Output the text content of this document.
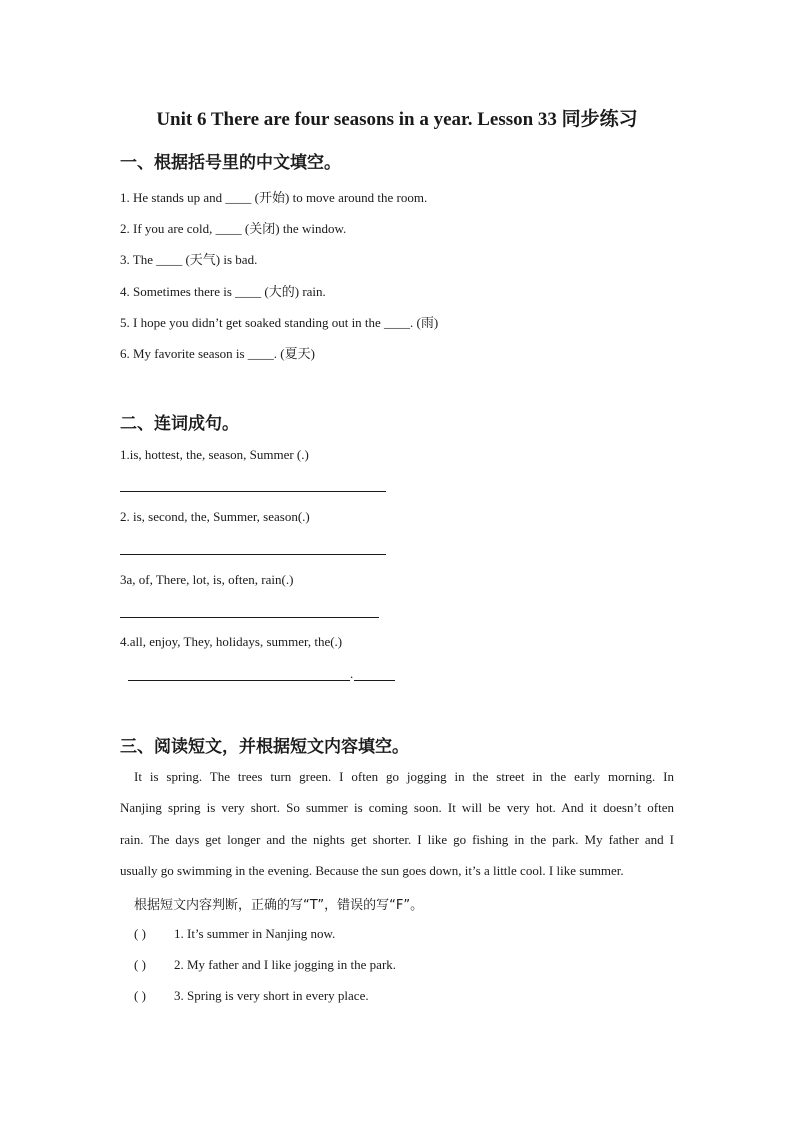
Unit 6 There are four seasons in a year. Lesson 33 同步练习
一、根据括号里的中文填空。

1. He stands up and ____ (开始) to move around the room.

2. If you are cold, ____ (关闭) the window.

3. The ____ (天气) is bad.

4. Sometimes there is ____ (大的) rain.

5. I hope you didn’t get soaked standing out in the ____. (雨)

6. My favorite season is ____. (夏天)

二、连词成句。

1.is, hottest, the, season, Summer (.)

2. is, second, the, Summer, season(.)

3a, of, There, lot, is, often, rain(.)

4.all, enjoy, They, holidays, summer, the(.)

.
三、阅读短文，并根据短文内容填空。

It is spring. The trees turn green. I often go jogging in the street in the early morning. In

Nanjing spring is very short. So summer is coming soon. It will be very hot. And it doesn’t often

rain. The days get longer and the nights get shorter. I like go fishing in the park. My father and I

usually go swimming in the evening. Because the sun goes down, it’s a little cool. I like summer.

根据短文内容判断，正确的写“T”，错误的写“F”。

( ) 1. It’s summer in Nanjing now.

( ) 2. My father and I like jogging in the park.

( ) 3. Spring is very short in every place.
